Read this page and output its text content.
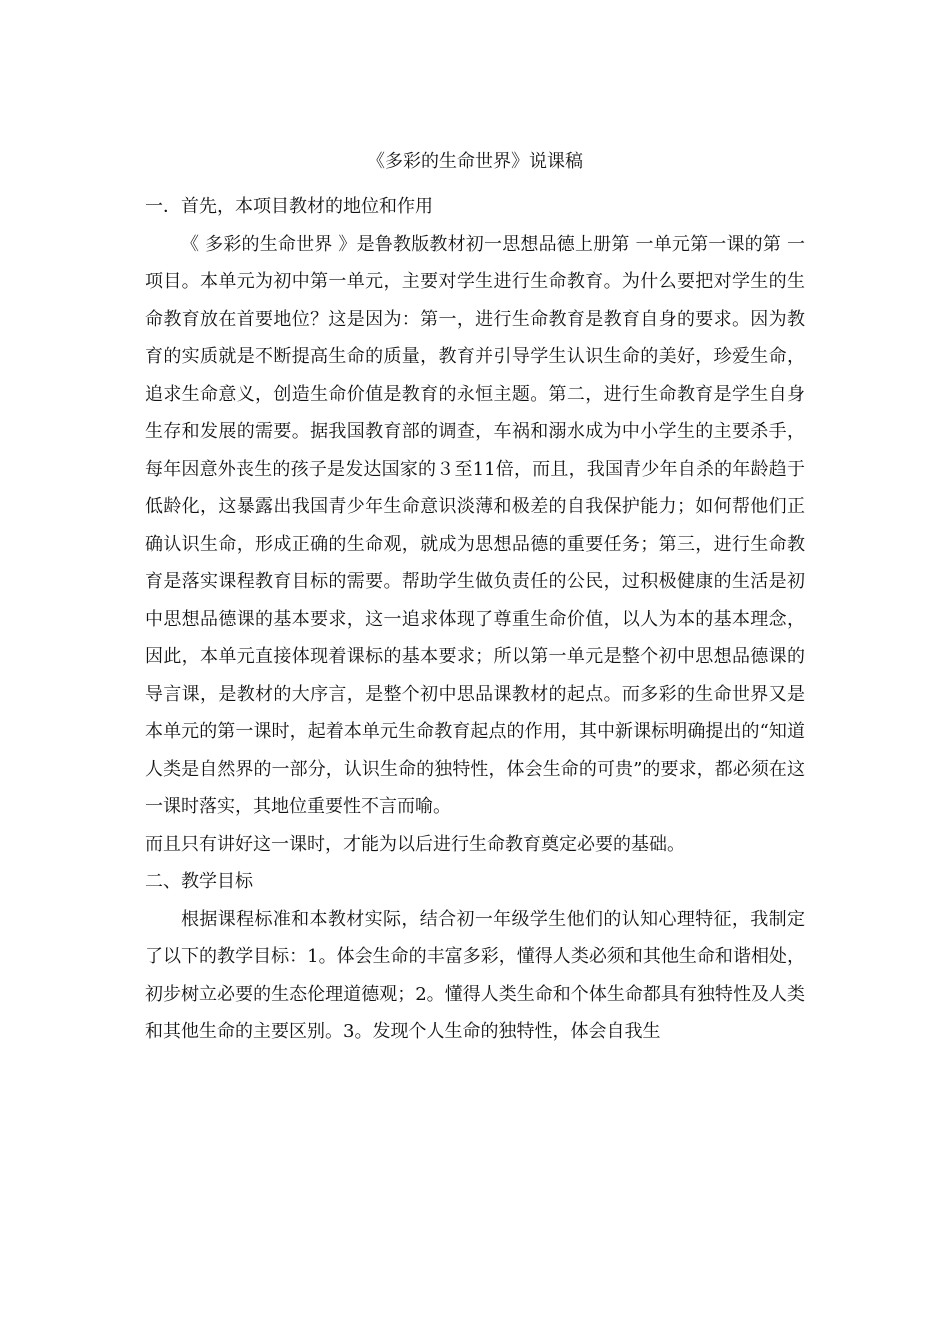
《多彩的生命世界》说课稿

一．首先，本项目教材的地位和作用

《 多彩的生命世界 》是鲁教版教材初一思想品德上册第 一单元第一课的第 一项目。本单元为初中第一单元，主要对学生进行生命教育。为什么要把对学生的生命教育放在首要地位？这是因为：第一，进行生命教育是教育自身的要求。因为教育的实质就是不断提高生命的质量，教育并引导学生认识生命的美好，珍爱生命，追求生命意义，创造生命价值是教育的永恒主题。第二，进行生命教育是学生自身生存和发展的需要。据我国教育部的调查，车祸和溺水成为中小学生的主要杀手，每年因意外丧生的孩子是发达国家的３至11倍，而且，我国青少年自杀的年龄趋于低龄化，这暴露出我国青少年生命意识淡薄和极差的自我保护能力；如何帮他们正确认识生命，形成正确的生命观，就成为思想品德的重要任务；第三，进行生命教育是落实课程教育目标的需要。帮助学生做负责任的公民，过积极健康的生活是初中思想品德课的基本要求，这一追求体现了尊重生命价值，以人为本的基本理念，因此，本单元直接体现着课标的基本要求；所以第一单元是整个初中思想品德课的导言课，是教材的大序言，是整个初中思品课教材的起点。而多彩的生命世界又是本单元的第一课时，起着本单元生命教育起点的作用，其中新课标明确提出的“知道人类是自然界的一部分，认识生命的独特性，体会生命的可贵”的要求，都必须在这一课时落实，其地位重要性不言而喻。

而且只有讲好这一课时，才能为以后进行生命教育奠定必要的基础。

二、教学目标

根据课程标准和本教材实际，结合初一年级学生他们的认知心理特征，我制定了以下的教学目标：1。体会生命的丰富多彩，懂得人类必须和其他生命和谐相处，初步树立必要的生态伦理道德观；2。懂得人类生命和个体生命都具有独特性及人类和其他生命的主要区别。3。发现个人生命的独特性，体会自我生
